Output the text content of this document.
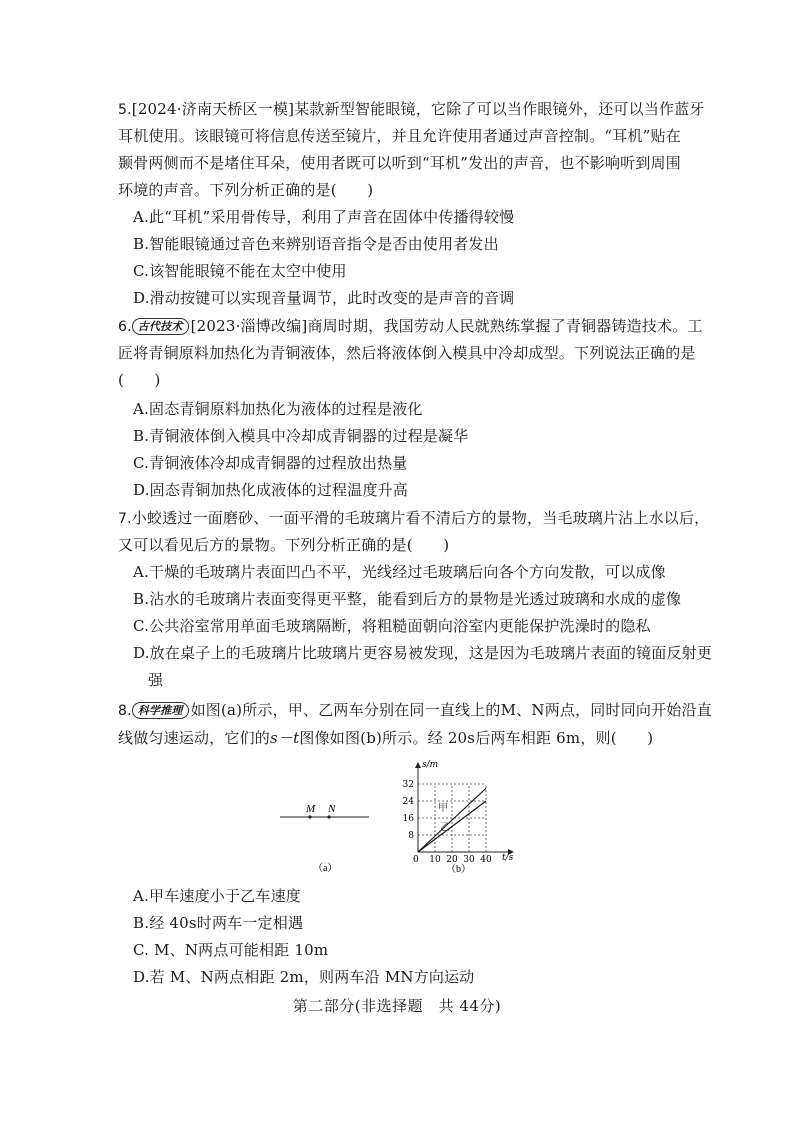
5.[2024·济南天桥区一模]某款新型智能眼镜，它除了可以当作眼镜外，还可以当作蓝牙
耳机使用。该眼镜可将信息传送至镜片，并且允许使用者通过声音控制。“耳机”贴在
颞骨两侧而不是堵住耳朵，使用者既可以听到“耳机”发出的声音，也不影响听到周围
环境的声音。下列分析正确的是(　　)
A.此“耳机”采用骨传导，利用了声音在固体中传播得较慢
B.智能眼镜通过音色来辨别语音指令是否由使用者发出
C.该智能眼镜不能在太空中使用
D.滑动按键可以实现音量调节，此时改变的是声音的音调
6. 古代技术 [2023·淄博改编]商周时期，我国劳动人民就熟练掌握了青铜器铸造技术。工
匠将青铜原料加热化为青铜液体，然后将液体倒入模具中冷却成型。下列说法正确的是
(　　)
A.固态青铜原料加热化为液体的过程是液化
B.青铜液体倒入模具中冷却成青铜器的过程是凝华
C.青铜液体冷却成青铜器的过程放出热量
D.固态青铜加热化成液体的过程温度升高
7.小蛟透过一面磨砂、一面平滑的毛玻璃片看不清后方的景物，当毛玻璃片沾上水以后，
又可以看见后方的景物。下列分析正确的是(　　)
A.干燥的毛玻璃片表面凹凸不平，光线经过毛玻璃后向各个方向发散，可以成像
B.沾水的毛玻璃片表面变得更平整，能看到后方的景物是光透过玻璃和水成的虚像
C.公共浴室常用单面毛玻璃隔断，将粗糙面朝向浴室内更能保护洗澡时的隐私
D.放在桌子上的毛玻璃片比玻璃片更容易被发现，这是因为毛玻璃片表面的镜面反射更
强
8. 科学推理 如图(a)所示，甲、乙两车分别在同一直线上的M、N两点，同时同向开始沿直
线做匀速运动，它们的s－t图像如图(b)所示。经 20s后两车相距 6m，则(　　)
M N
（a）
s/m
t/s
0 10 20 30 40
8
16
24
32
甲
乙
（b）
A.甲车速度小于乙车速度
B.经 40s时两车一定相遇
C. M、N两点可能相距 10m
D.若 M、N两点相距 2m，则两车沿 MN方向运动
第二部分(非选择题　共 44分)
